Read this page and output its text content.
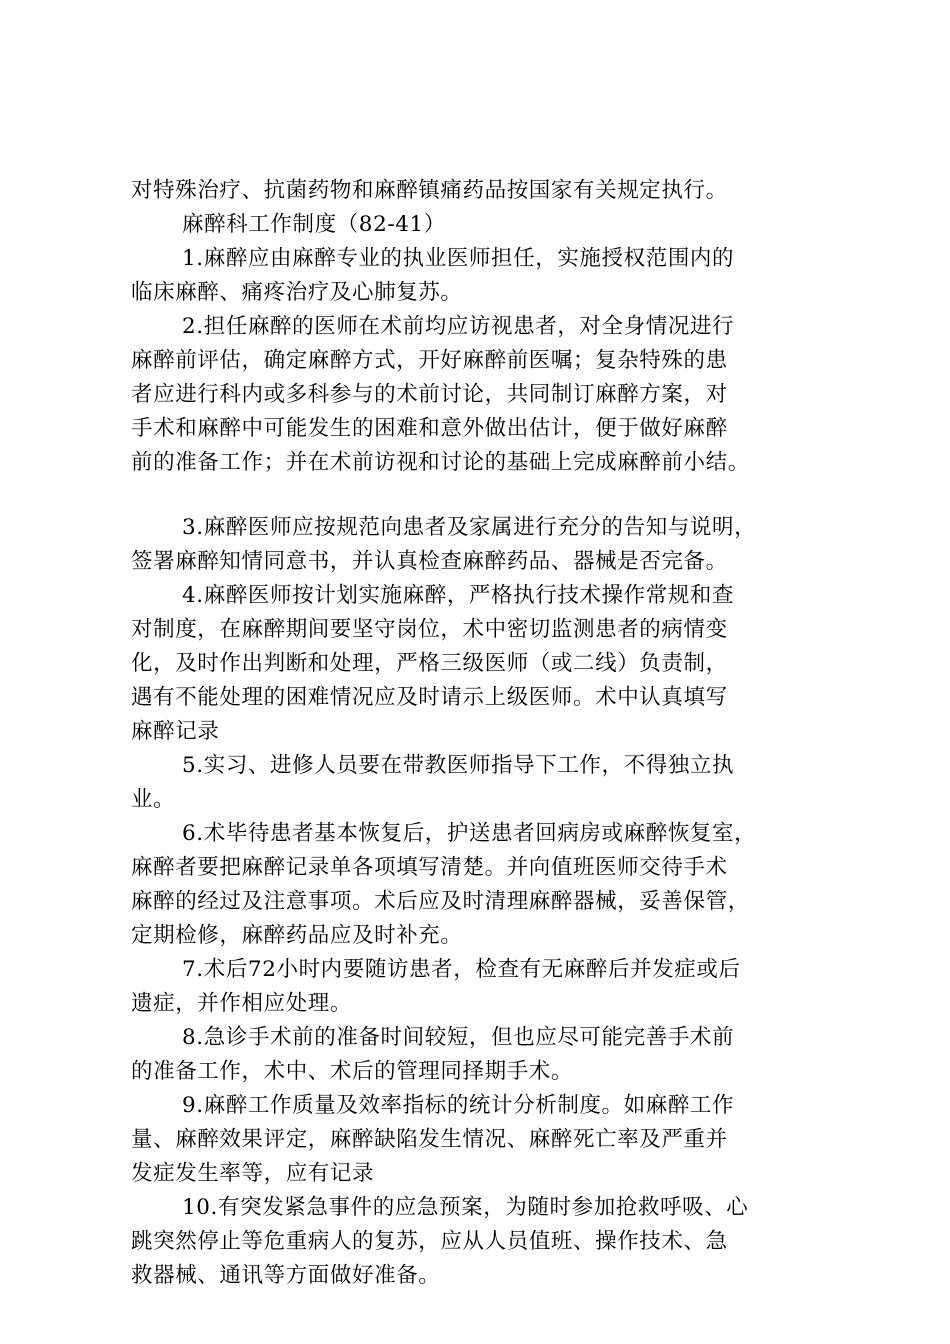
对特殊治疗、抗菌药物和麻醉镇痛药品按国家有关规定执行。
麻醉科工作制度（82-41）
1.麻醉应由麻醉专业的执业医师担任，实施授权范围内的
临床麻醉、痛疼治疗及心肺复苏。
2.担任麻醉的医师在术前均应访视患者，对全身情况进行
麻醉前评估，确定麻醉方式，开好麻醉前医嘱；复杂特殊的患
者应进行科内或多科参与的术前讨论，共同制订麻醉方案，对
手术和麻醉中可能发生的困难和意外做出估计，便于做好麻醉
前的准备工作；并在术前访视和讨论的基础上完成麻醉前小结。
3.麻醉医师应按规范向患者及家属进行充分的告知与说明，
签署麻醉知情同意书，并认真检查麻醉药品、器械是否完备。
4.麻醉医师按计划实施麻醉，严格执行技术操作常规和查
对制度，在麻醉期间要坚守岗位，术中密切监测患者的病情变
化，及时作出判断和处理，严格三级医师（或二线）负责制，
遇有不能处理的困难情况应及时请示上级医师。术中认真填写
麻醉记录
5.实习、进修人员要在带教医师指导下工作，不得独立执
业。
6.术毕待患者基本恢复后，护送患者回病房或麻醉恢复室，
麻醉者要把麻醉记录单各项填写清楚。并向值班医师交待手术
麻醉的经过及注意事项。术后应及时清理麻醉器械，妥善保管，
定期检修，麻醉药品应及时补充。
7.术后72小时内要随访患者，检查有无麻醉后并发症或后
遗症，并作相应处理。
8.急诊手术前的准备时间较短，但也应尽可能完善手术前
的准备工作，术中、术后的管理同择期手术。
9.麻醉工作质量及效率指标的统计分析制度。如麻醉工作
量、麻醉效果评定，麻醉缺陷发生情况、麻醉死亡率及严重并
发症发生率等，应有记录
10.有突发紧急事件的应急预案，为随时参加抢救呼吸、心
跳突然停止等危重病人的复苏，应从人员值班、操作技术、急
救器械、通讯等方面做好准备。
